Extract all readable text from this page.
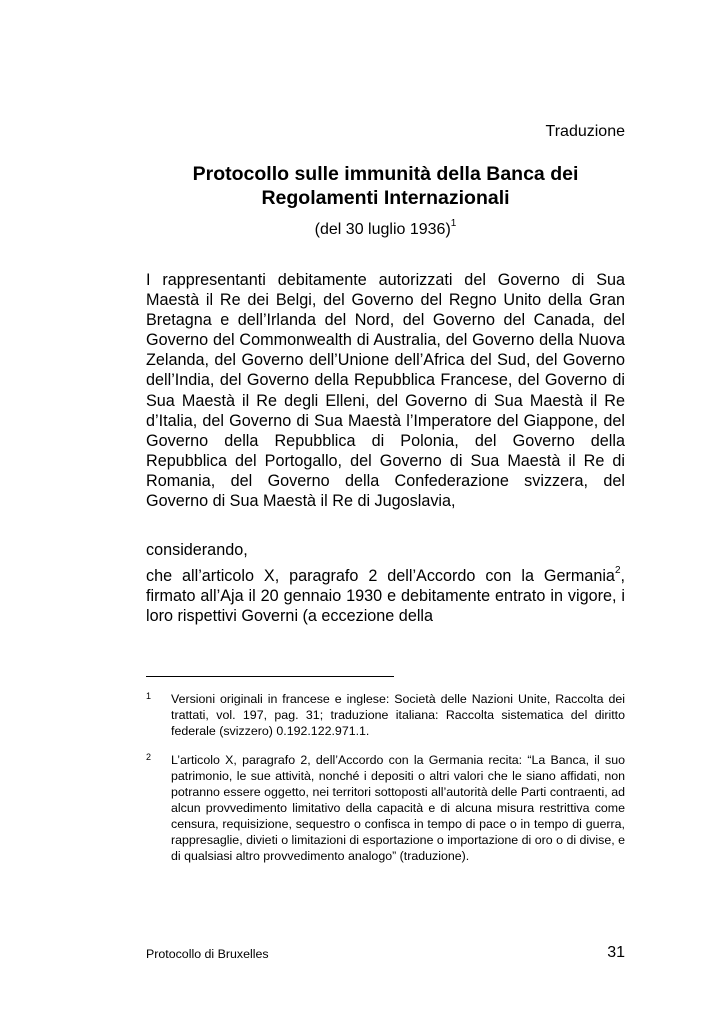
Traduzione
Protocollo sulle immunità della Banca dei
Regolamenti Internazionali
(del 30 luglio 1936)$^1$
I rappresentanti debitamente autorizzati del Governo di Sua Maestà il Re dei Belgi, del Governo del Regno Unito della Gran Bretagna e dell’Irlanda del Nord, del Governo del Canada, del Governo del Commonwealth di Australia, del Governo della Nuova Zelanda, del Governo dell’Unione dell’Africa del Sud, del Governo dell’India, del Governo della Repubblica Francese, del Governo di Sua Maestà il Re degli Elleni, del Governo di Sua Maestà il Re d’Italia, del Governo di Sua Maestà l’Imperatore del Giappone, del Governo della Repubblica di Polonia, del Governo della Repubblica del Portogallo, del Governo di Sua Maestà il Re di Romania, del Governo della Confederazione svizzera, del Governo di Sua Maestà il Re di Jugoslavia,
considerando,
che all’articolo X, paragrafo 2 dell’Accordo con la Germania$^2$, firmato all’Aja il 20 gennaio 1930 e debitamente entrato in vigore, i loro rispettivi Governi (a eccezione della
1 Versioni originali in francese e inglese: Società delle Nazioni Unite, Raccolta dei trattati, vol. 197, pag. 31; traduzione italiana: Raccolta sistematica del diritto federale (svizzero) 0.192.122.971.1.
2 L’articolo X, paragrafo 2, dell’Accordo con la Germania recita: “La Banca, il suo patrimonio, le sue attività, nonché i depositi o altri valori che le siano affidati, non potranno essere oggetto, nei territori sottoposti all’autorità delle Parti contraenti, ad alcun provvedimento limitativo della capacità e di alcuna misura restrittiva come censura, requisizione, sequestro o confisca in tempo di pace o in tempo di guerra, rappresaglie, divieti o limitazioni di esportazione o importazione di oro o di divise, e di qualsiasi altro provvedimento analogo” (traduzione).
Protocollo di Bruxelles	31
